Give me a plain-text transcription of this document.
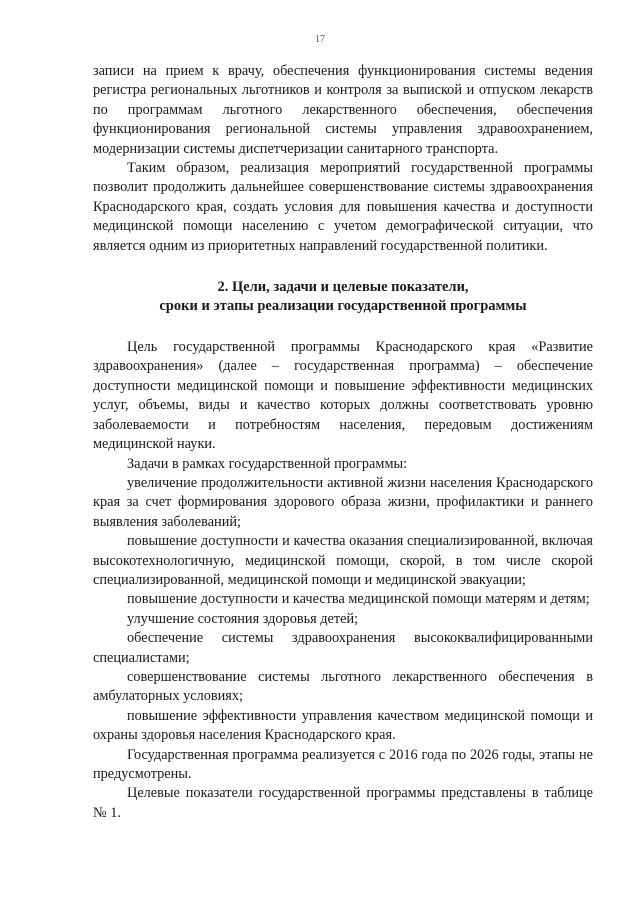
17

записи на прием к врачу, обеспечения функционирования системы ведения регистра региональных льготников и контроля за выпиской и отпуском лекарств по программам льготного лекарственного обеспечения, обеспечения функционирования региональной системы управления здравоохранением, модернизации системы диспетчеризации санитарного транспорта.

Таким образом, реализация мероприятий государственной программы позволит продолжить дальнейшее совершенствование системы здравоохранения Краснодарского края, создать условия для повышения качества и доступности медицинской помощи населению с учетом демографической ситуации, что является одним из приоритетных направлений государственной политики.

2. Цели, задачи и целевые показатели,
сроки и этапы реализации государственной программы

Цель государственной программы Краснодарского края «Развитие здравоохранения» (далее – государственная программа) – обеспечение доступности медицинской помощи и повышение эффективности медицинских услуг, объемы, виды и качество которых должны соответствовать уровню заболеваемости и потребностям населения, передовым достижениям медицинской науки.

Задачи в рамках государственной программы:

увеличение продолжительности активной жизни населения Краснодарского края за счет формирования здорового образа жизни, профилактики и раннего выявления заболеваний;

повышение доступности и качества оказания специализированной, включая высокотехнологичную, медицинской помощи, скорой, в том числе скорой специализированной, медицинской помощи и медицинской эвакуации;

повышение доступности и качества медицинской помощи матерям и детям;

улучшение состояния здоровья детей;

обеспечение системы здравоохранения высококвалифицированными специалистами;

совершенствование системы льготного лекарственного обеспечения в амбулаторных условиях;

повышение эффективности управления качеством медицинской помощи и охраны здоровья населения Краснодарского края.

Государственная программа реализуется с 2016 года по 2026 годы, этапы не предусмотрены.

Целевые показатели государственной программы представлены в таблице № 1.
